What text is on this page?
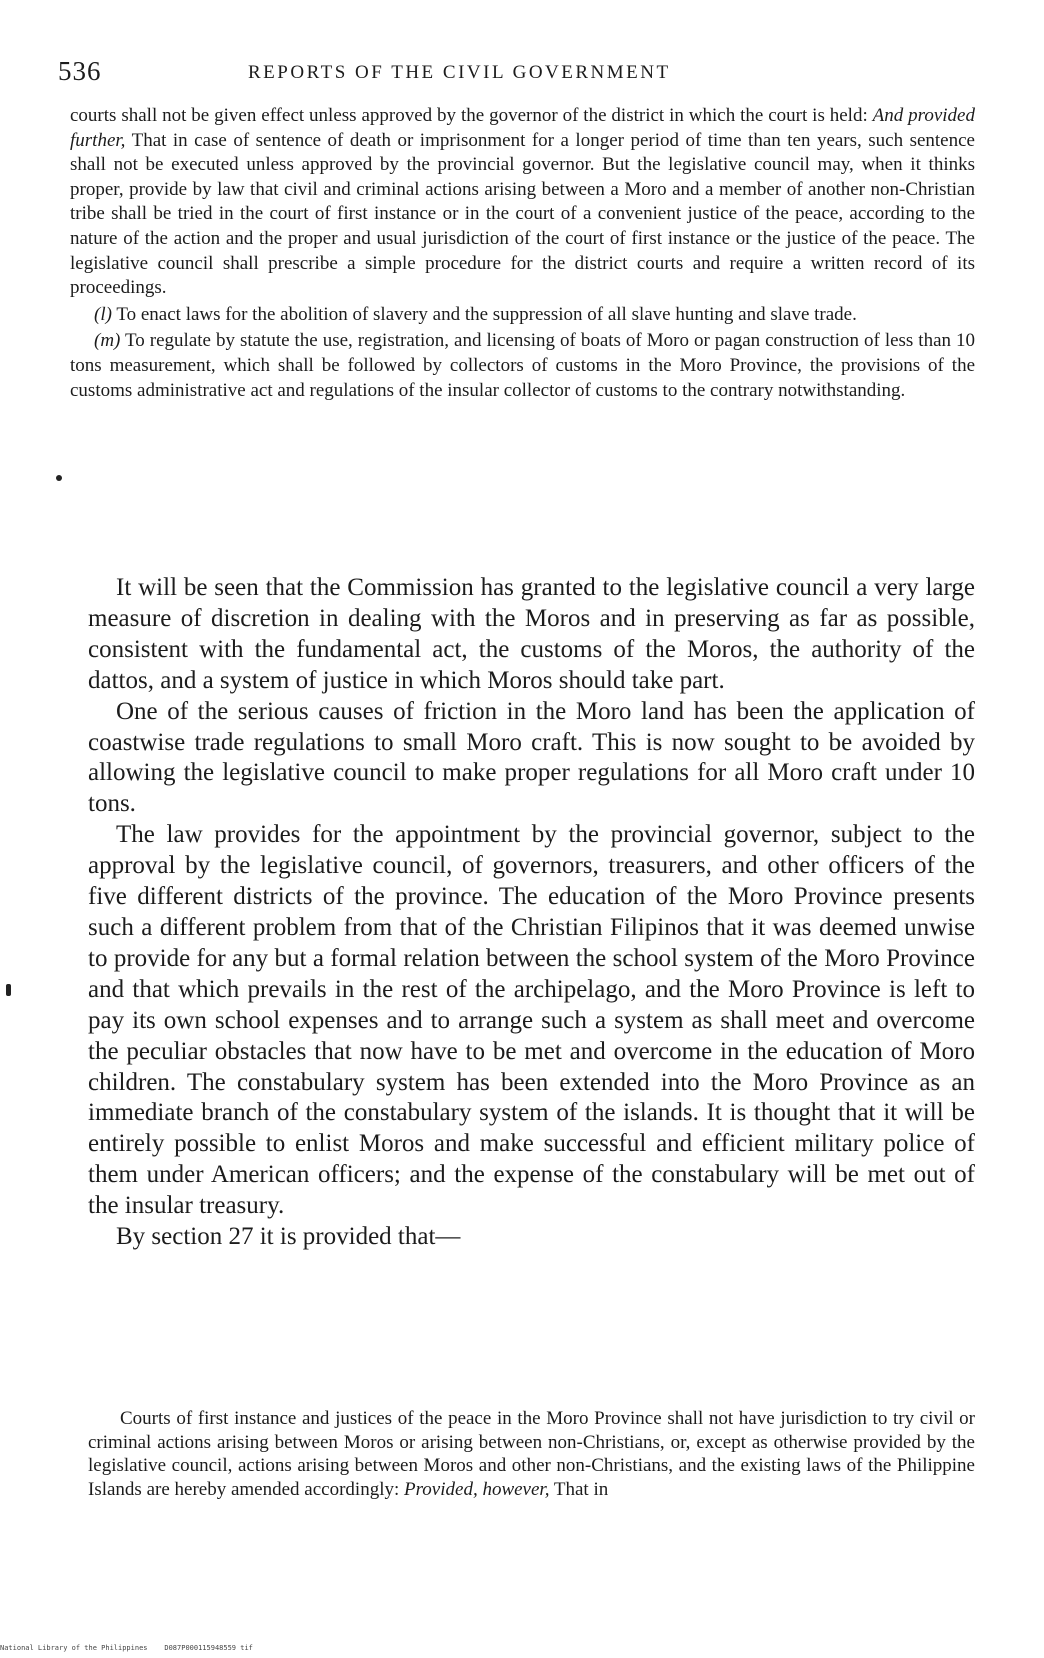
536	REPORTS OF THE CIVIL GOVERNMENT

courts shall not be given effect unless approved by the governor of the district in which the court is held: And provided further, That in case of sentence of death or imprisonment for a longer period of time than ten years, such sentence shall not be executed unless approved by the provincial governor. But the legislative council may, when it thinks proper, provide by law that civil and criminal actions arising between a Moro and a member of another non-Christian tribe shall be tried in the court of first instance or in the court of a convenient justice of the peace, according to the nature of the action and the proper and usual jurisdiction of the court of first instance or the justice of the peace. The legislative council shall prescribe a simple procedure for the district courts and require a written record of its proceedings.

(l) To enact laws for the abolition of slavery and the suppression of all slave hunting and slave trade.

(m) To regulate by statute the use, registration, and licensing of boats of Moro or pagan construction of less than 10 tons measurement, which shall be followed by collectors of customs in the Moro Province, the provisions of the customs administrative act and regulations of the insular collector of customs to the contrary notwithstanding.

It will be seen that the Commission has granted to the legislative council a very large measure of discretion in dealing with the Moros and in preserving as far as possible, consistent with the fundamental act, the customs of the Moros, the authority of the dattos, and a system of justice in which Moros should take part.

One of the serious causes of friction in the Moro land has been the application of coastwise trade regulations to small Moro craft. This is now sought to be avoided by allowing the legislative council to make proper regulations for all Moro craft under 10 tons.

The law provides for the appointment by the provincial governor, subject to the approval by the legislative council, of governors, treasurers, and other officers of the five different districts of the province. The education of the Moro Province presents such a different problem from that of the Christian Filipinos that it was deemed unwise to provide for any but a formal relation between the school system of the Moro Province and that which prevails in the rest of the archipelago, and the Moro Province is left to pay its own school expenses and to arrange such a system as shall meet and overcome the peculiar obstacles that now have to be met and overcome in the education of Moro children. The constabulary system has been extended into the Moro Province as an immediate branch of the constabulary system of the islands. It is thought that it will be entirely possible to enlist Moros and make successful and efficient military police of them under American officers; and the expense of the constabulary will be met out of the insular treasury.

By section 27 it is provided that—

Courts of first instance and justices of the peace in the Moro Province shall not have jurisdiction to try civil or criminal actions arising between Moros or arising between non-Christians, or, except as otherwise provided by the legislative council, actions arising between Moros and other non-Christians, and the existing laws of the Philippine Islands are hereby amended accordingly: Provided, however, That in

National Library of the Philippines D087P000115948559 tif
